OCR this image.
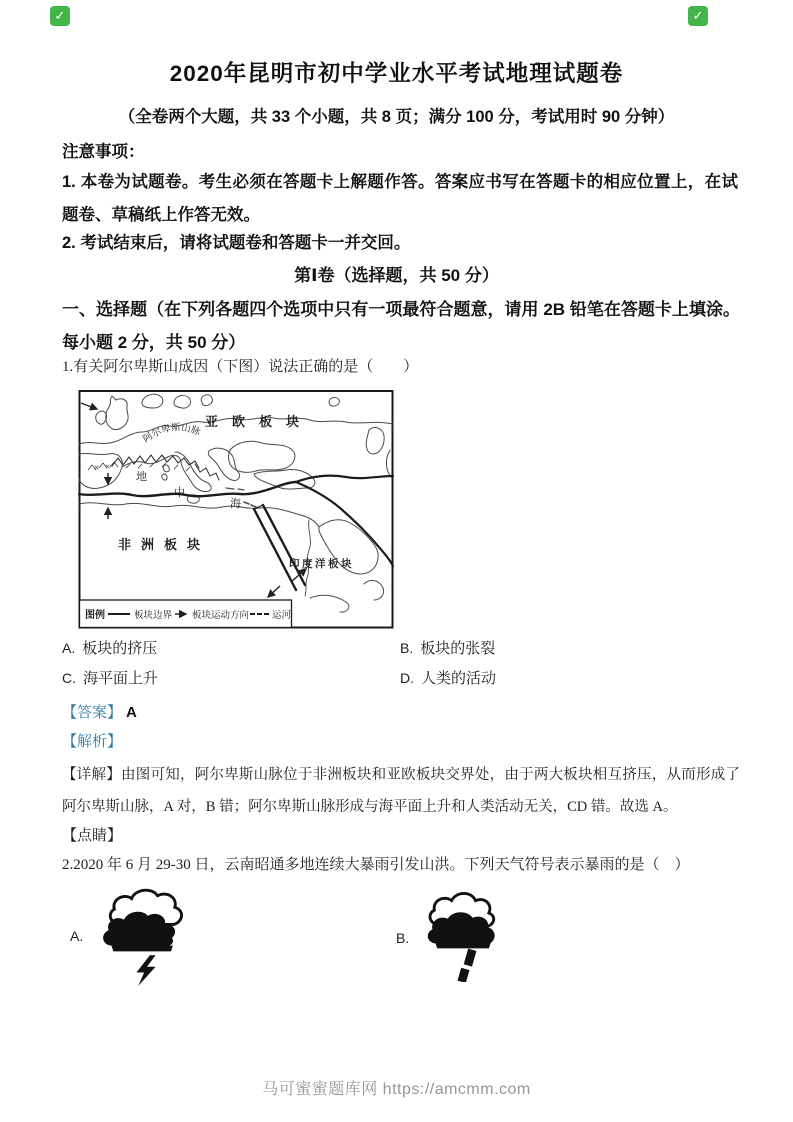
✓	✓
2020年昆明市初中学业水平考试地理试题卷
（全卷两个大题，共 33 个小题，共 8 页；满分 100 分，考试用时 90 分钟）
注意事项：
1. 本卷为试题卷。考生必须在答题卡上解题作答。答案应书写在答题卡的相应位置上，在试题卷、草稿纸上作答无效。
2. 考试结束后，请将试题卷和答题卡一并交回。
第Ⅰ卷（选择题，共 50 分）
一、选择题（在下列各题四个选项中只有一项最符合题意，请用 2B 铅笔在答题卡上填涂。每小题 2 分，共 50 分）
1.有关阿尔卑斯山成因（下图）说法正确的是（　　）
亚欧板块
阿尔卑斯山脉
地
中
海
非洲板块
印度洋板块
图例	板块边界 板块运动方向 运河
A. 板块的挤压	B. 板块的张裂
C. 海平面上升	D. 人类的活动
【答案】 A
【解析】
【详解】由图可知，阿尔卑斯山脉位于非洲板块和亚欧板块交界处，由于两大板块相互挤压，从而形成了阿尔卑斯山脉，A 对，B 错；阿尔卑斯山脉形成与海平面上升和人类活动无关，CD 错。故选 A。
【点睛】
2.2020 年 6 月 29-30 日，云南昭通多地连续大暴雨引发山洪。下列天气符号表示暴雨的是（　）
A.	B.
马可蜜蜜题库网 https://amcmm.com
